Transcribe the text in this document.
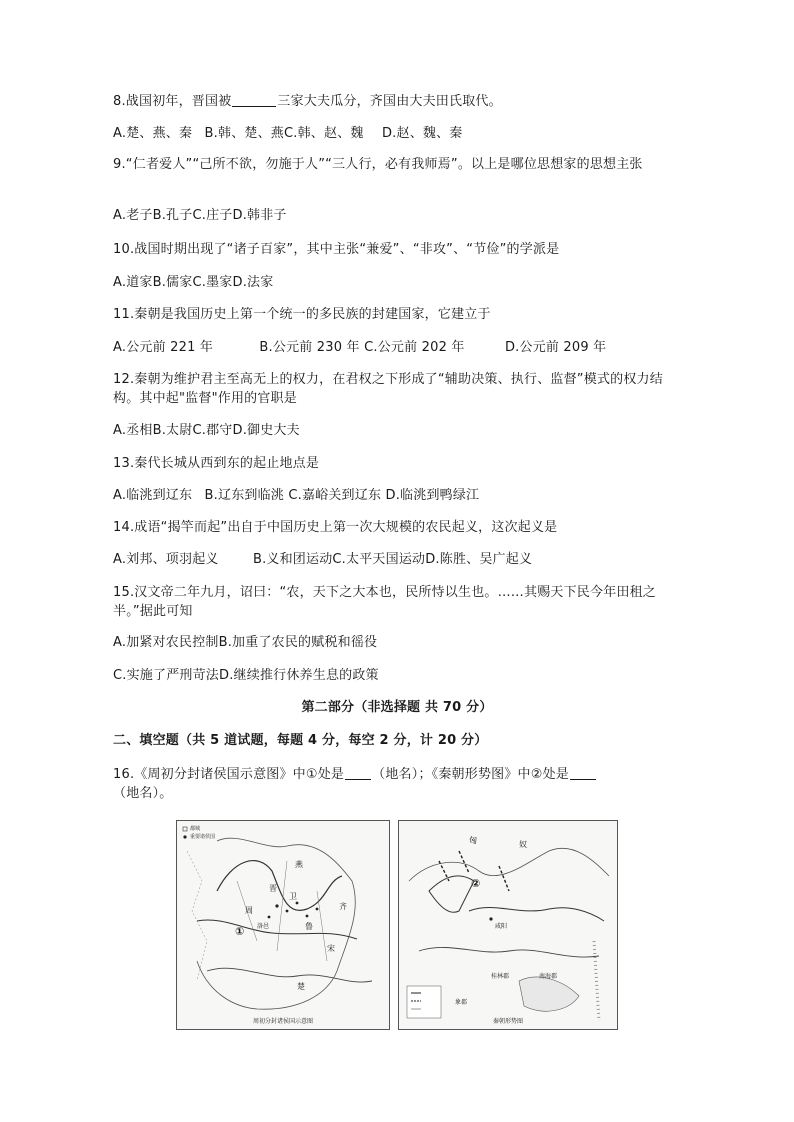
8.战国初年，晋国被	三家大夫瓜分，齐国由大夫田氏取代。
A.楚、燕、秦 B.韩、楚、燕C.韩、赵、魏 D.赵、魏、秦
9.“仁者爱人”“己所不欲，勿施于人”“三人行，必有我师焉”。以上是哪位思想家的思想主张
A.老子B.孔子C.庄子D.韩非子
10.战国时期出现了“诸子百家”，其中主张“兼爱”、“非攻”、“节俭”的学派是
A.道家B.儒家C.墨家D.法家
11.秦朝是我国历史上第一个统一的多民族的封建国家，它建立于
A.公元前 221 年	B.公元前 230 年 C.公元前 202 年	D.公元前 209 年
12.秦朝为维护君主至高无上的权力，在君权之下形成了“辅助决策、执行、监督”模式的权力结构。其中起"监督"作用的官职是
A.丞相B.太尉C.郡守D.御史大夫
13.秦代长城从西到东的起止地点是
A.临洮到辽东 B.辽东到临洮 C.嘉峪关到辽东 D.临洮到鸭绿江
14.成语“揭竿而起”出自于中国历史上第一次大规模的农民起义，这次起义是
A.刘邦、项羽起义	B.义和团运动C.太平天国运动D.陈胜、吴广起义
15.汉文帝二年九月，诏曰：“农，天下之大本也，民所恃以生也。……其赐天下民今年田租之半。”据此可知
A.加紧对农民控制B.加重了农民的赋税和徭役
C.实施了严刑苛法D.继续推行休养生息的政策
第二部分（非选择题 共 70 分）
二、填空题（共 5 道试题，每题 4 分，每空 2 分，计 20 分）
16.《周初分封诸侯国示意图》中①处是 （地名）；《秦朝形势图》中②处是
（地名）。
都城
重要诸侯国
燕
齐
鲁
周
晋
卫
楚
宋
洛邑
①
周初分封诸侯国示意图
匈	奴
咸阳
桂林郡	南海郡
象郡
②
秦朝形势图
